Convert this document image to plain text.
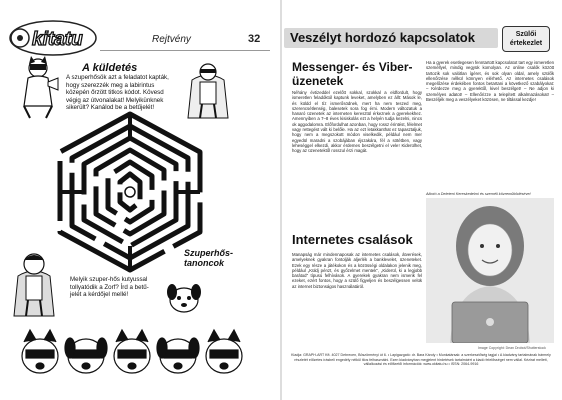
kitatu	Rejtvény	32
A küldetés
A szuperhősök azt a feladatot kapták, hogy szerezzék meg a labirintus közepén őrzött titkos kódot. Kövesd végig az útvonalakat! Melyikünknek sikerült? Kanálod be a betűjelét!
Szuperhős-tanoncok
Melyik szuper-hős kutyussal tollyatódik a Zorf? Írd a betű-jelét a kérdőjel mellé!
Veszélyt hordozó kapcsolatok	Szülői értekezlet
Messenger- és Viber-üzenetek
Néhány évtizeddel ezelőtt sokkal, szokkal a eldfordult, hogy ismeretlen feladóktól kaptunk leveket, amelyben ez állt: Mások le, és küldd el tíz ismerősödnek, mert ha nem teszed meg, szerencsétlenség, balesetek sora fog érni. Modern változatuk a hanaró üzenetek az interneten keresztül érkeznek a gyerekekhez. Amennyiben a 7–8 éves kisiskolás ezt a helyén tudja kezelni, nincs ok aggodalomra. Előfordulhat azonban, hogy rossz érintést, félelmet vagy rettegést vált ki belőle. Ha az ezt letakkanthat ez tapasztaljuk, hogy nem a megszokott módon viselkedik, például nem mer egyedül maradni a szobájában éjszakára, fél a sötétben, vagy leheséggel elkezdi, akkor érdemes beszélgetni el vele! Kiderülhet, hogy az üzenetektől rosszul érzi magát.
Ha a gyerek esetlegesen fenntartott kapcsolatot tart egy ismeretlen személlyel, mindig vegyük komolyan. Az online csalók között tartozik sok valótlan ígéret, és sok olyan oldal, amely szülők ellenőrzése nélkül könnyen elérhető. Az internetes csalások megelőzése érdekében fontos betartani a következő szabályokat: – Kérdezze meg a gyerektől, kivel beszélget! – Ne adjon ki személyes adatot! – Ellenőrizze a telepített alkalmazásokat! – Beszéljék meg a veszélyeket közösen, ne tiltással kezdje!
Alkotó a Deleteni Kereskedelmi és személi közreműködésével
Internetes csalások
Manapság már mindennaposak az internetes csalások, átverések, amelyeknek gyakran fontolják aljerlék a banklevelet, üzeneteket. Ezek egy része a játékokon és a közösségi oldalakon jelenik meg, például „Küldj pénzt, és győzelmet mentek”, „Kiderül, ki a legjobb barátod” típusú felhívások. A gyerekek gyakran nem ismerik fel ezeket, ezért fontos, hogy a szülő figyeljen és beszélgessen velük az internet biztonságos használatáról.
Image Copyright: Dean Drobot/Shutterstock
Kiadja: GRAPH-ART Kft. 4027 Debrecen, Böszörményi út 6. • Lapigazgató: dr. Bara Károly • Munkatársak: a szerkesztőség tagjai • A kiadvány tartalmának bármely részletét előzetes írásbeli engedély nélkül tilos felhasználni. Ezen kiadványban megjelent hirdetések tartalmáért a kiadó felelősséget nem vállal. Kézirat mellett, vállalkozási és előfizetői információk: www.okitatu.hu • ISSN: 2064-9916
